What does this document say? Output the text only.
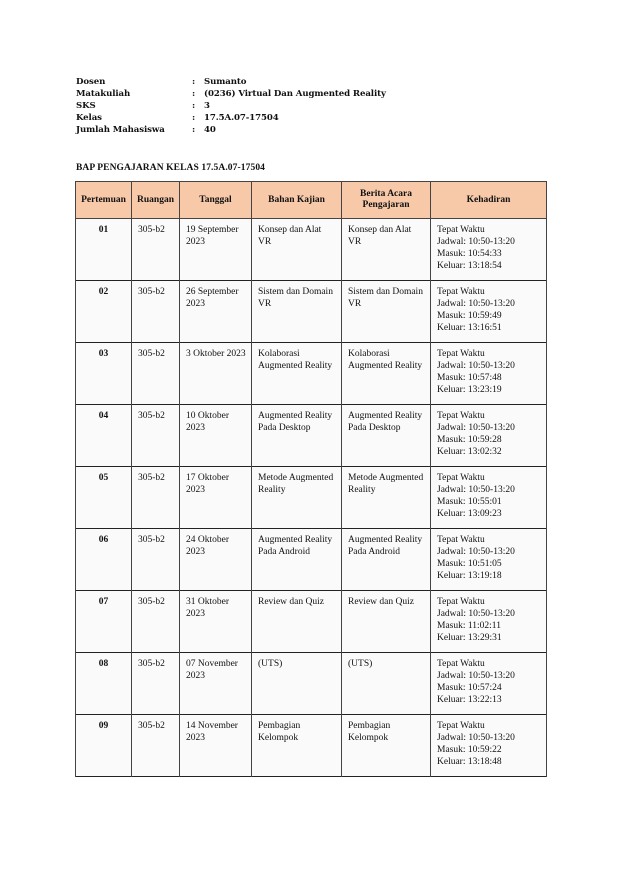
Dosen	:	Sumanto
Matakuliah	:	(0236) Virtual Dan Augmented Reality
SKS	:	3
Kelas	:	17.5A.07-17504
Jumlah Mahasiswa	:	40
BAP PENGAJARAN KELAS 17.5A.07-17504
Pertemuan	Ruangan	Tanggal	Bahan Kajian	Berita Acara Pengajaran	Kehadiran
01	305-b2	19 September 2023	Konsep dan Alat VR	Konsep dan Alat VR	Tepat Waktu
Jadwal: 10:50-13:20
Masuk: 10:54:33
Keluar: 13:18:54

02	305-b2	26 September 2023	Sistem dan Domain VR	Sistem dan Domain VR	Tepat Waktu
Jadwal: 10:50-13:20
Masuk: 10:59:49
Keluar: 13:16:51

03	305-b2	3 Oktober 2023	Kolaborasi Augmented Reality	Kolaborasi Augmented Reality	Tepat Waktu
Jadwal: 10:50-13:20
Masuk: 10:57:48
Keluar: 13:23:19

04	305-b2	10 Oktober 2023	Augmented Reality Pada Desktop	Augmented Reality Pada Desktop	Tepat Waktu
Jadwal: 10:50-13:20
Masuk: 10:59:28
Keluar: 13:02:32

05	305-b2	17 Oktober 2023	Metode Augmented Reality	Metode Augmented Reality	Tepat Waktu
Jadwal: 10:50-13:20
Masuk: 10:55:01
Keluar: 13:09:23

06	305-b2	24 Oktober 2023	Augmented Reality Pada Android	Augmented Reality Pada Android	Tepat Waktu
Jadwal: 10:50-13:20
Masuk: 10:51:05
Keluar: 13:19:18

07	305-b2	31 Oktober 2023	Review dan Quiz	Review dan Quiz	Tepat Waktu
Jadwal: 10:50-13:20
Masuk: 11:02:11
Keluar: 13:29:31

08	305-b2	07 November 2023	(UTS)	(UTS)	Tepat Waktu
Jadwal: 10:50-13:20
Masuk: 10:57:24
Keluar: 13:22:13

09	305-b2	14 November 2023	Pembagian Kelompok	Pembagian Kelompok	Tepat Waktu
Jadwal: 10:50-13:20
Masuk: 10:59:22
Keluar: 13:18:48
